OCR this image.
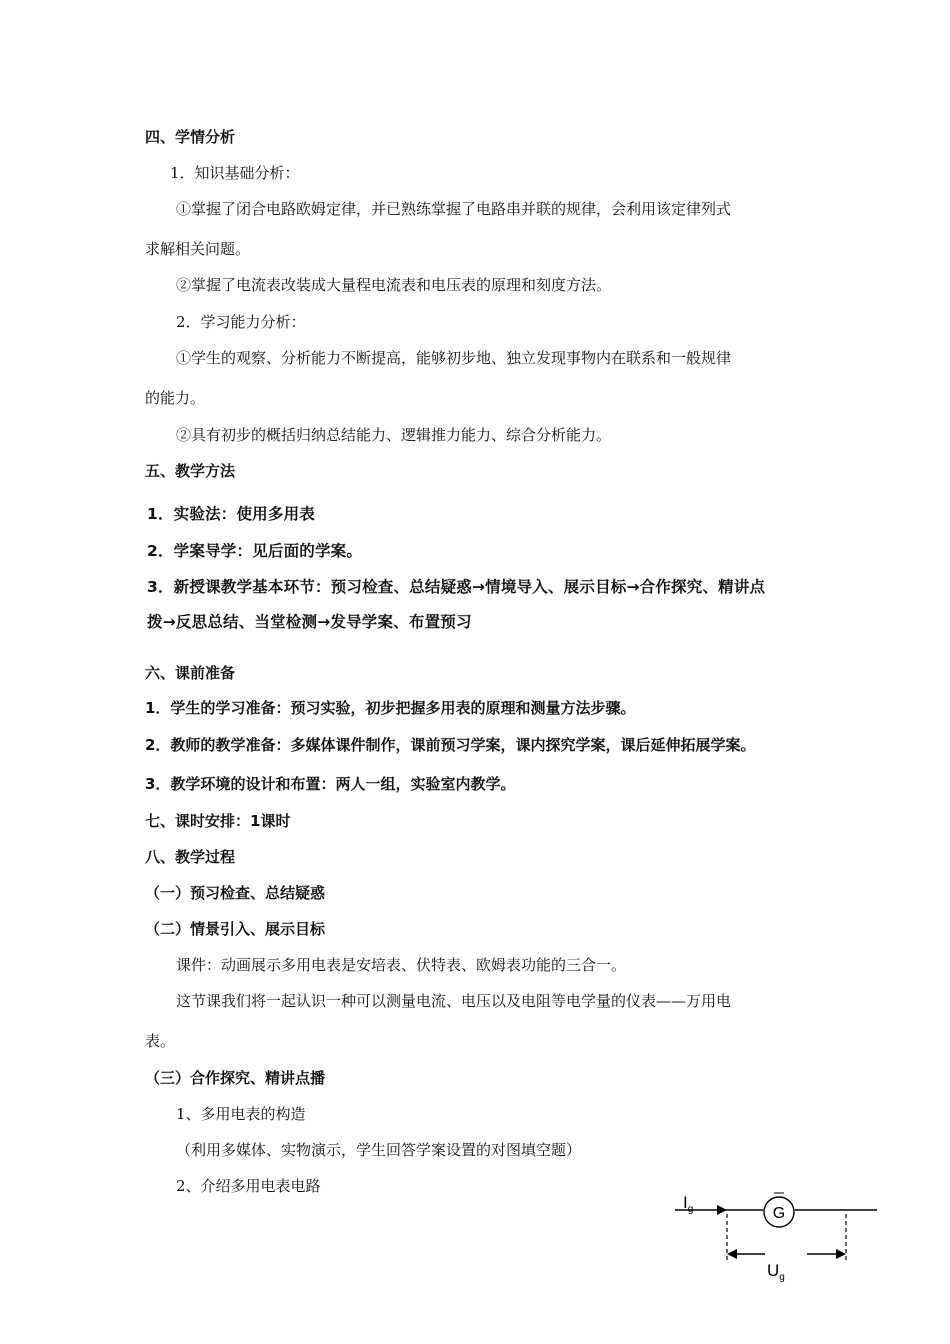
四、学情分析
1．知识基础分析：
①掌握了闭合电路欧姆定律，并已熟练掌握了电路串并联的规律，会利用该定律列式
求解相关问题。
②掌握了电流表改装成大量程电流表和电压表的原理和刻度方法。
2．学习能力分析：
①学生的观察、分析能力不断提高，能够初步地、独立发现事物内在联系和一般规律
的能力。
②具有初步的概括归纳总结能力、逻辑推力能力、综合分析能力。
五、教学方法
1．实验法：使用多用表
2．学案导学：见后面的学案。
3．新授课教学基本环节：预习检查、总结疑惑→情境导入、展示目标→合作探究、精讲点
拨→反思总结、当堂检测→发导学案、布置预习
六、课前准备
1．学生的学习准备：预习实验，初步把握多用表的原理和测量方法步骤。
2．教师的教学准备：多媒体课件制作，课前预习学案，课内探究学案，课后延伸拓展学案。
3．教学环境的设计和布置：两人一组，实验室内教学。
七、课时安排：1课时
八、教学过程
（一）预习检查、总结疑惑
（二）情景引入、展示目标
课件：动画展示多用电表是安培表、伏特表、欧姆表功能的三合一。
这节课我们将一起认识一种可以测量电流、电压以及电阻等电学量的仪表——万用电
表。
（三）合作探究、精讲点播
1、多用电表的构造
（利用多媒体、实物演示，学生回答学案设置的对图填空题）
2、介绍多用电表电路
$I_g$	G
$U_g$
